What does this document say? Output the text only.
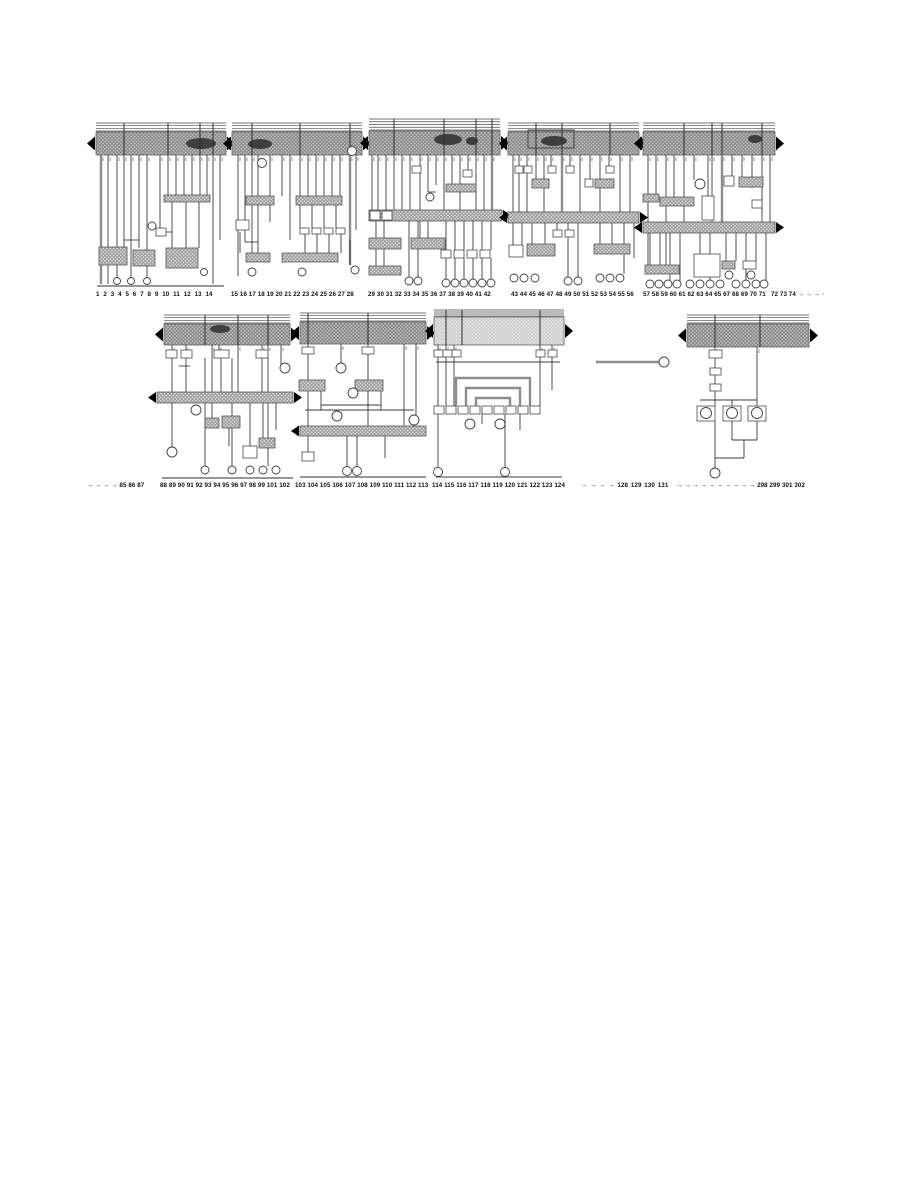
1 2 3 4 5 6 7 8 9 10 11 12 13 14	15 16 17 18 19 20 21 22 23 24 25 26 27 28 29 30 31 32 33 34 35 36 37 38 39 40 41 42	43 44 45 46 47 48 49 50 51 52 53 54 55 56 57 58 59 60 61 62 63 64 65 67 68 69 70 71 72 73 74 → → → ·
→ → → → 85 86 87	88 89 90 91 92 93 94 95 96 97 98 99 101 102 103 104 105 106 107 108 109 110 111 112 113 114 115 116 117 118 119 120 121 122 123 124	→ → → → 128 129 130 131 → → → → → → → → → → 298 299 301 302
